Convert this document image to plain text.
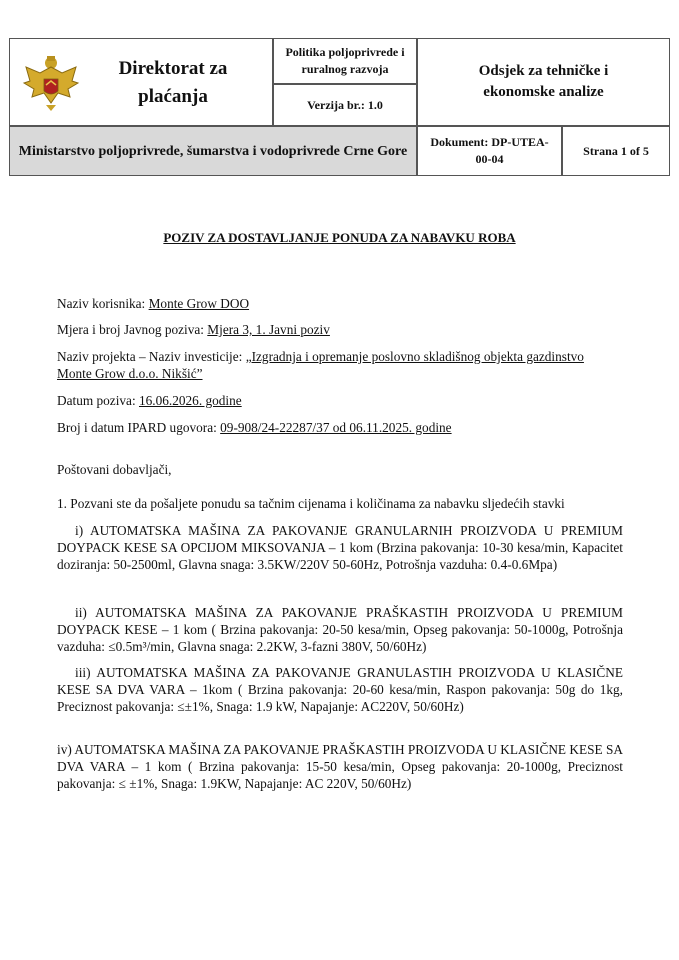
Direktorat za plaćanja
Politika poljoprivrede i ruralnog razvoja
Verzija br.: 1.0
Odsjek za tehničke i ekonomske analize
Ministarstvo poljoprivrede, šumarstva i vodoprivrede Crne Gore
Dokument: DP-UTEA-00-04
Strana 1 of 5
POZIV ZA DOSTAVLJANJE PONUDA ZA NABAVKU ROBA
Naziv korisnika: Monte Grow DOO
Mjera i broj Javnog poziva: Mjera 3, 1. Javni poziv
Naziv projekta – Naziv investicije: „Izgradnja i opremanje poslovno skladišnog objekta gazdinstvo
Monte Grow d.o.o. Nikšić”
Datum poziva: 16.06.2026. godine
Broj i datum IPARD ugovora: 09-908/24-22287/37 od 06.11.2025. godine
Poštovani dobavljači,
1. Pozvani ste da pošaljete ponudu sa tačnim cijenama i količinama za nabavku sljedećih stavki
i) AUTOMATSKA MAŠINA ZA PAKOVANJE GRANULARNIH PROIZVODA U PREMIUM DOYPACK KESE SA OPCIJOM MIKSOVANJA – 1 kom (Brzina pakovanja: 10-30 kesa/min, Kapacitet doziranja: 50-2500ml, Glavna snaga: 3.5KW/220V 50-60Hz, Potrošnja vazduha: 0.4-0.6Mpa)
ii) AUTOMATSKA MAŠINA ZA PAKOVANJE PRAŠKASTIH PROIZVODA U PREMIUM DOYPACK KESE – 1 kom ( Brzina pakovanja: 20-50 kesa/min, Opseg pakovanja: 50-1000g, Potrošnja vazduha: ≤0.5m³/min, Glavna snaga: 2.2KW, 3-fazni 380V, 50/60Hz)
iii) AUTOMATSKA MAŠINA ZA PAKOVANJE GRANULASTIH PROIZVODA U KLASIČNE KESE SA DVA VARA – 1kom ( Brzina pakovanja: 20-60 kesa/min, Raspon pakovanja: 50g do 1kg, Preciznost pakovanja: ≤±1%, Snaga: 1.9 kW, Napajanje: AC220V, 50/60Hz)
iv) AUTOMATSKA MAŠINA ZA PAKOVANJE PRAŠKASTIH PROIZVODA U KLASIČNE KESE SA DVA VARA – 1 kom ( Brzina pakovanja: 15-50 kesa/min, Opseg pakovanja: 20-1000g, Preciznost pakovanja: ≤ ±1%, Snaga: 1.9KW, Napajanje: AC 220V, 50/60Hz)
